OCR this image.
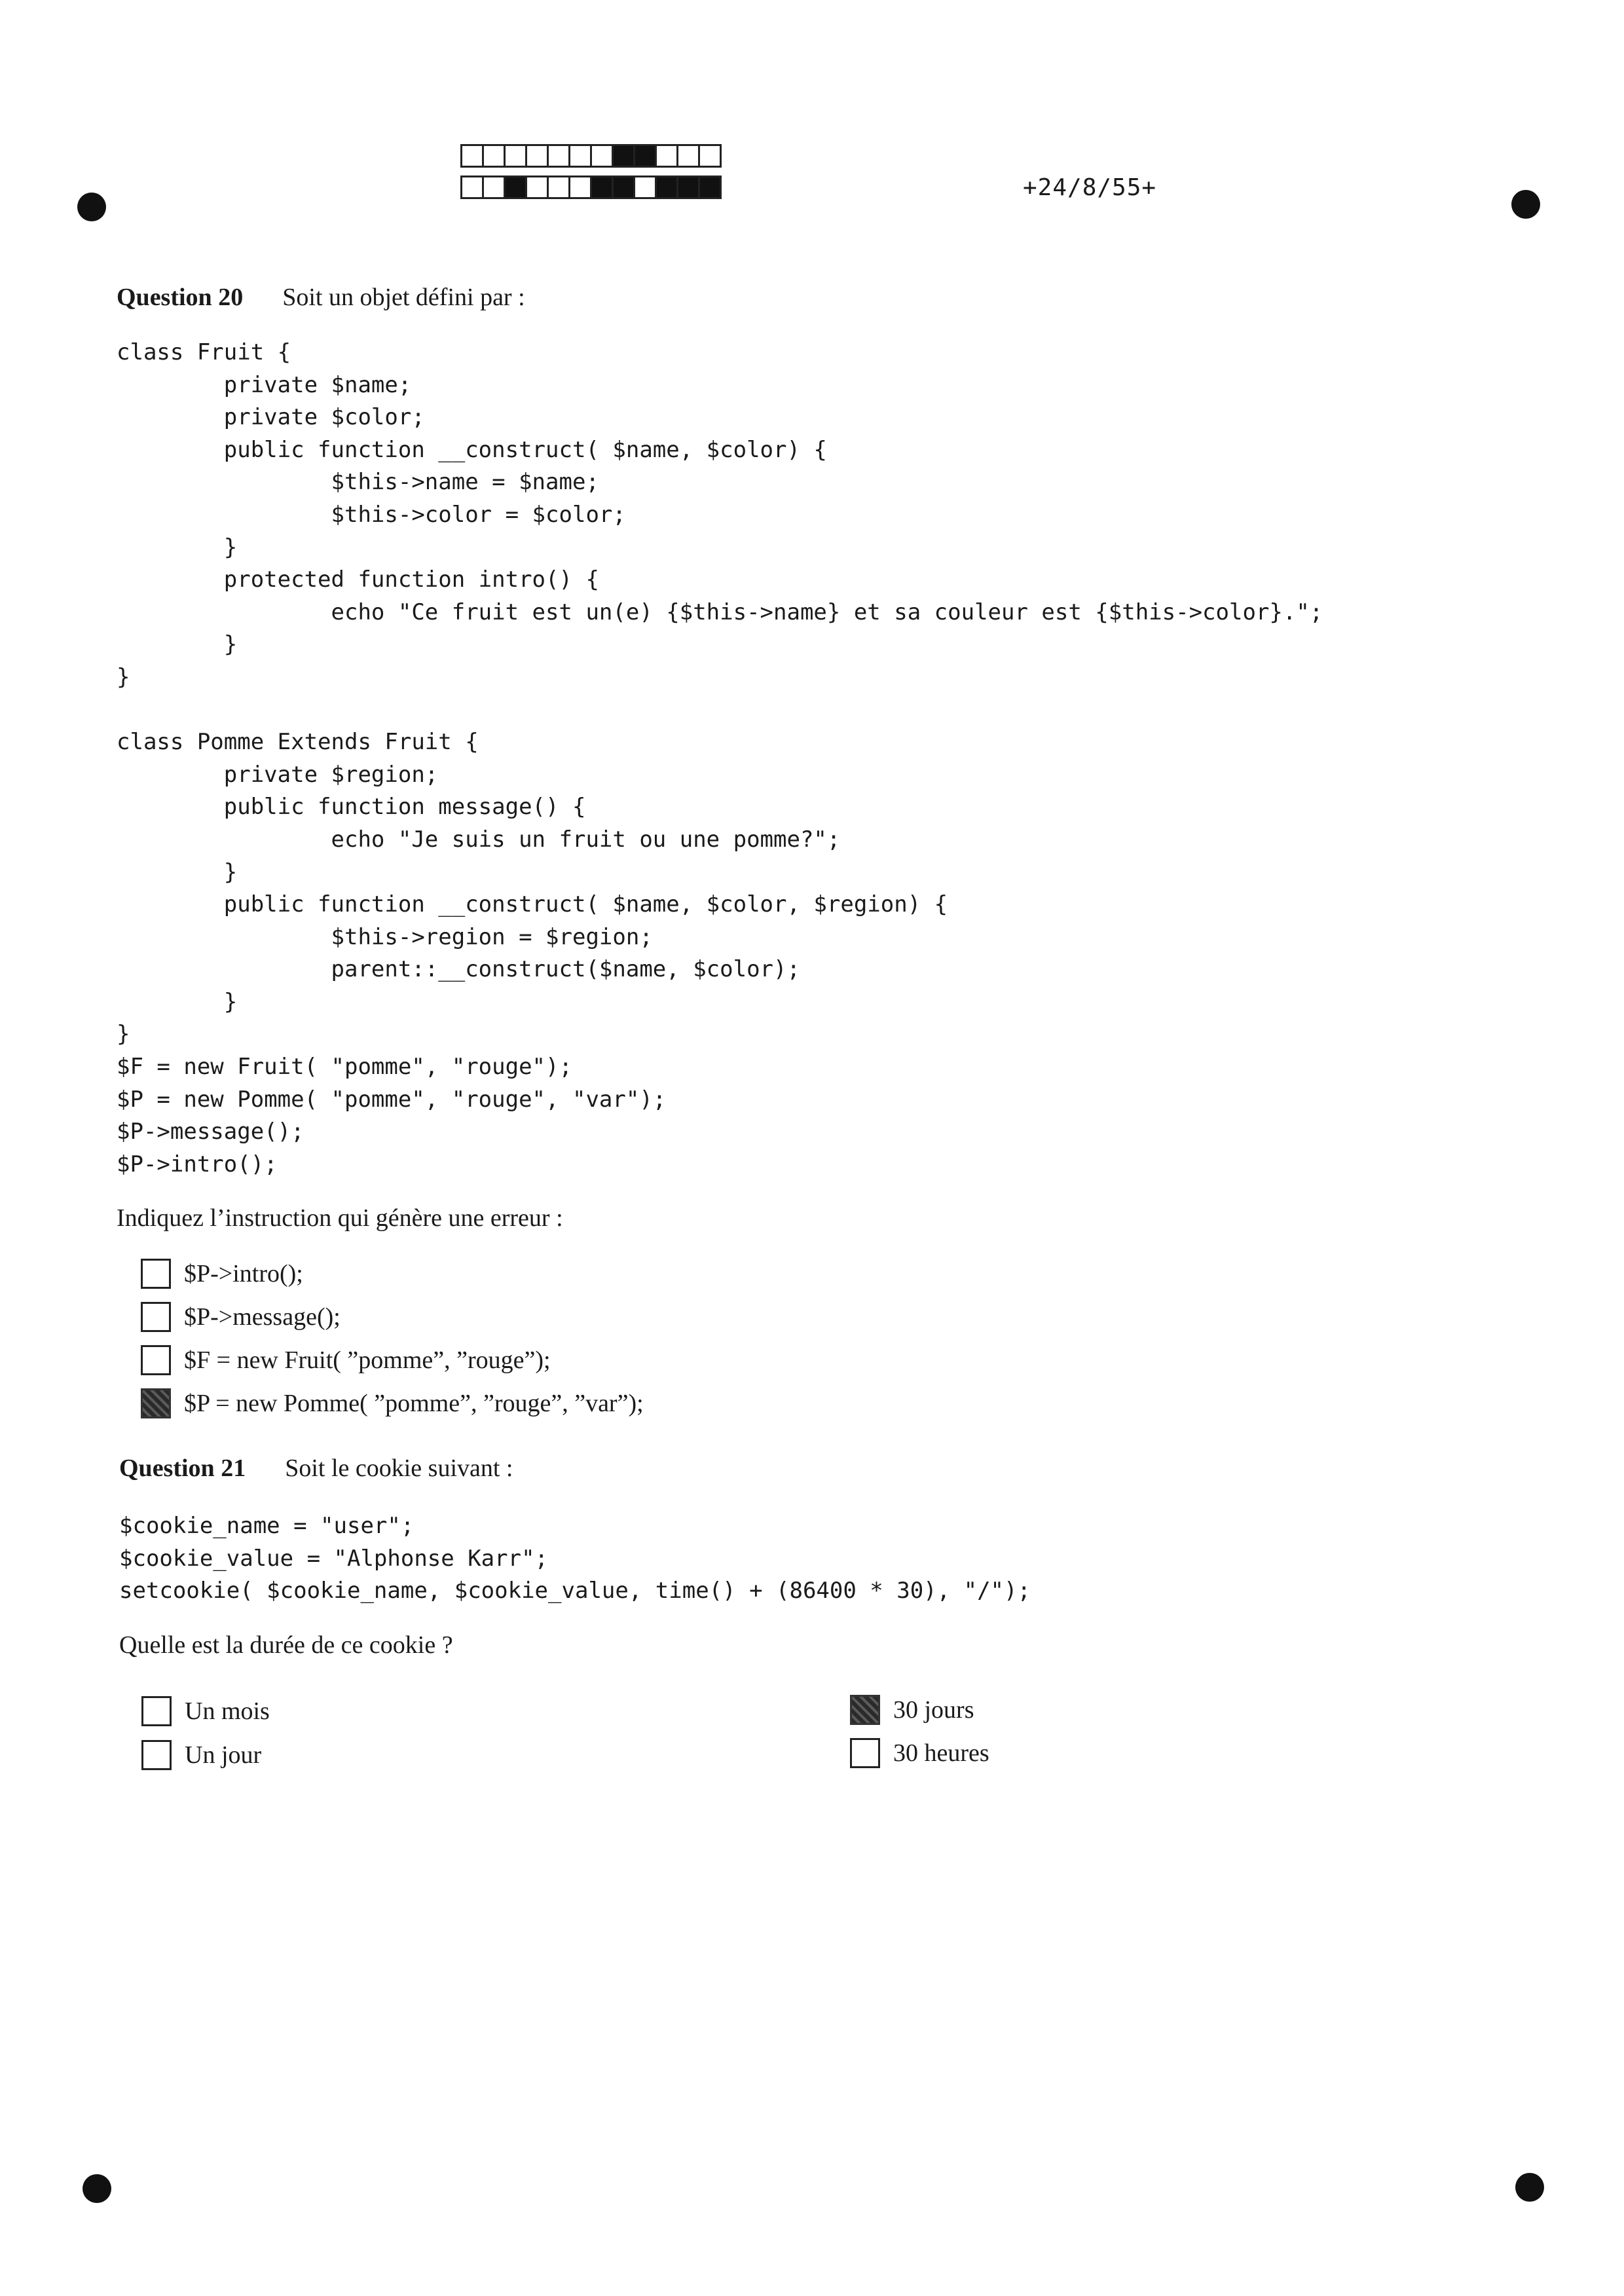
+24/8/55+
Question 20 Soit un objet défini par :
class Fruit {
private $name;
private $color;
public function __construct( $name, $color) {
$this->name = $name;
$this->color = $color;
}
protected function intro() {
echo "Ce fruit est un(e) {$this->name} et sa couleur est {$this->color}.";
}
}

class Pomme Extends Fruit {
private $region;
public function message() {
echo "Je suis un fruit ou une pomme?";
}
public function __construct( $name, $color, $region) {
$this->region = $region;
parent::__construct($name, $color);
}
}
$F = new Fruit( "pomme", "rouge");
$P = new Pomme( "pomme", "rouge", "var");
$P->message();
$P->intro();
Indiquez l’instruction qui génère une erreur :
$P->intro();
$P->message();
$F = new Fruit( ”pomme”, ”rouge”);
$P = new Pomme( ”pomme”, ”rouge”, ”var”);
Question 21 Soit le cookie suivant :
$cookie_name = "user";
$cookie_value = "Alphonse Karr";
setcookie( $cookie_name, $cookie_value, time() + (86400 * 30), "/");
Quelle est la durée de ce cookie ?
Un mois
Un jour
30 jours
30 heures
